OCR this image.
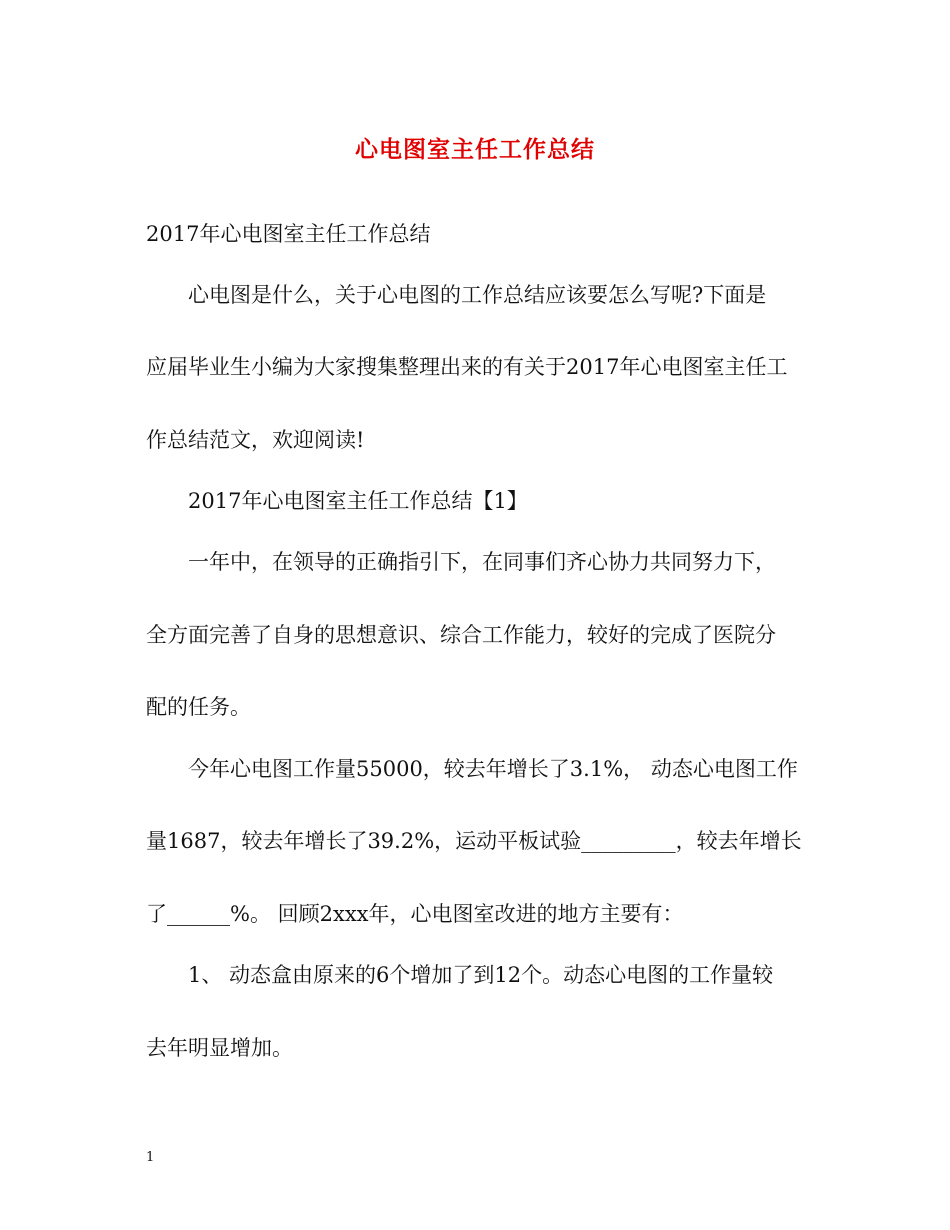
心电图室主任工作总结

2017年心电图室主任工作总结

心电图是什么，关于心电图的工作总结应该要怎么写呢?下面是

应届毕业生小编为大家搜集整理出来的有关于2017年心电图室主任工

作总结范文，欢迎阅读!

2017年心电图室主任工作总结【1】

一年中，在领导的正确指引下，在同事们齐心协力共同努力下，

全方面完善了自身的思想意识、综合工作能力，较好的完成了医院分

配的任务。

今年心电图工作量55000，较去年增长了3.1%， 动态心电图工作

量1687，较去年增长了39.2%，运动平板试验_________，较去年增长

了______%。 回顾2xxx年，心电图室改进的地方主要有：

1、 动态盒由原来的6个增加了到12个。动态心电图的工作量较

去年明显增加。

1
